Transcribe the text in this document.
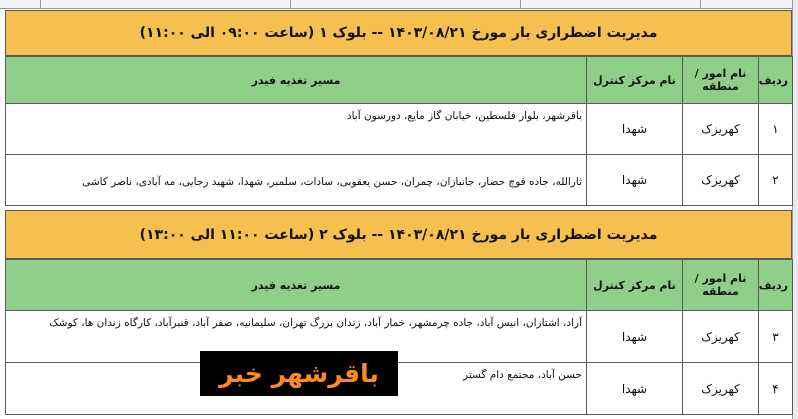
مدیریت اضطراری بار مورخ ۱۴۰۳/۰۸/۲۱ -- بلوک ۱ (ساعت ۰۹:۰۰ الی ۱۱:۰۰)
ردیف	نام امور / منطقه	نام مرکز کنترل	مسیر تغذیه فیدر
۱	کهریزک	شهدا	باقرشهر، بلوار فلسطین، خیابان گاز مایع، دورسون آباد
۲	کهریزک	شهدا	ثارالله، جاده قوچ حصار، جانبازان، چمران، حسن یعقوبی، سادات، سلمبر، شهدا، شهید رجایی، مه آبادی، ناصر کاشی
مدیریت اضطراری بار مورخ ۱۴۰۳/۰۸/۲۱ -- بلوک ۲ (ساعت ۱۱:۰۰ الی ۱۳:۰۰)
ردیف	نام امور / منطقه	نام مرکز کنترل	مسیر تغذیه فیدر
۳	کهریزک	شهدا	آراد، اشتازان، انیس آباد، جاده چرمشهر، خمار آباد، زندان بزرگ تهران، سلیمانیه، صفر آباد، قنبرآباد، کارگاه زندان ها، کوشک
۴	کهریزک	شهدا	حسن آباد، مجتمع دام گستر
باقرشهر خبر
